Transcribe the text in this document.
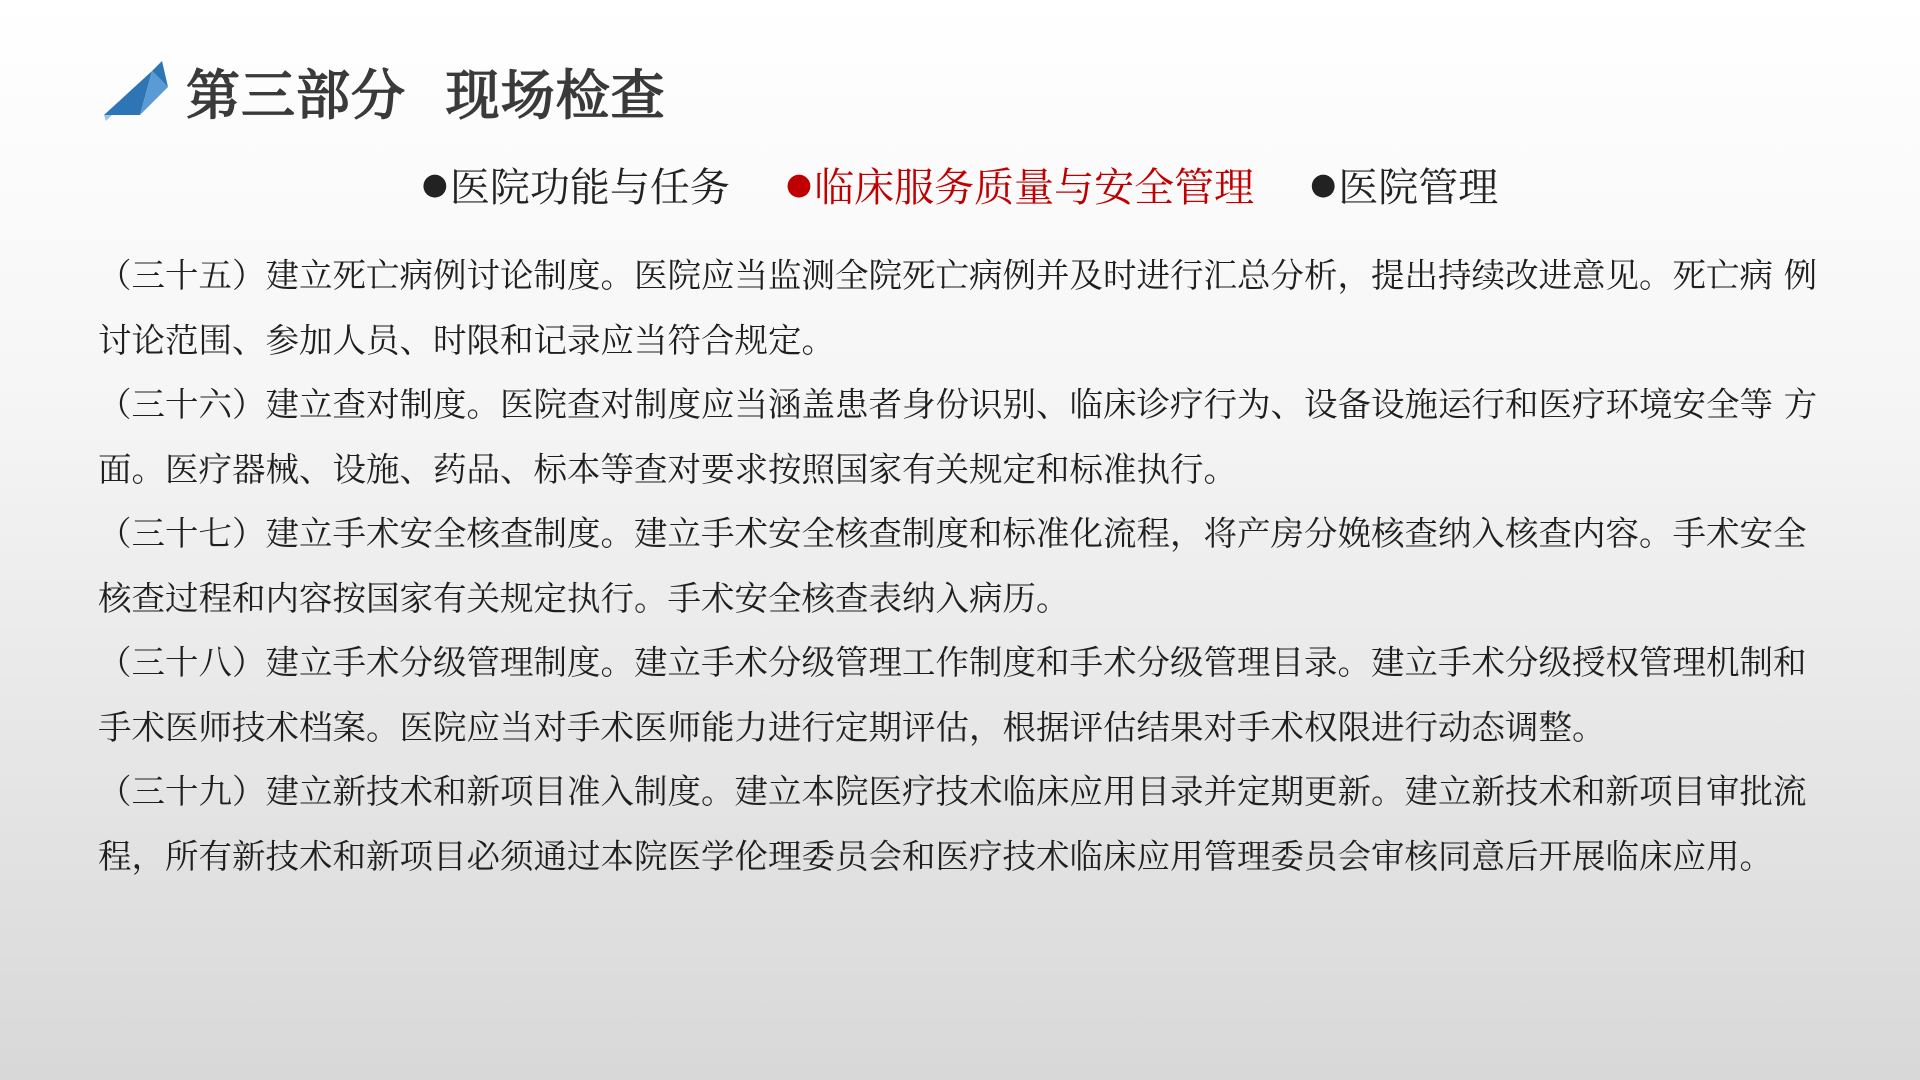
第三部分  现场检查
● 医院功能与任务 ● 临床服务质量与安全管理 ● 医院管理

（三十五）建立死亡病例讨论制度。医院应当监测全院死亡病例并及时进行汇总分析，提出持续改进意见。死亡病 例讨论范围、参加人员、时限和记录应当符合规定。

（三十六）建立查对制度。医院查对制度应当涵盖患者身份识别、临床诊疗行为、设备设施运行和医疗环境安全等 方面。医疗器械、设施、药品、标本等查对要求按照国家有关规定和标准执行。

（三十七）建立手术安全核查制度。建立手术安全核查制度和标准化流程，将产房分娩核查纳入核查内容。手术安全核查过程和内容按国家有关规定执行。手术安全核查表纳入病历。

（三十八）建立手术分级管理制度。建立手术分级管理工作制度和手术分级管理目录。建立手术分级授权管理机制和手术医师技术档案。医院应当对手术医师能力进行定期评估，根据评估结果对手术权限进行动态调整。

（三十九）建立新技术和新项目准入制度。建立本院医疗技术临床应用目录并定期更新。建立新技术和新项目审批流程，所有新技术和新项目必须通过本院医学伦理委员会和医疗技术临床应用管理委员会审核同意后开展临床应用。
